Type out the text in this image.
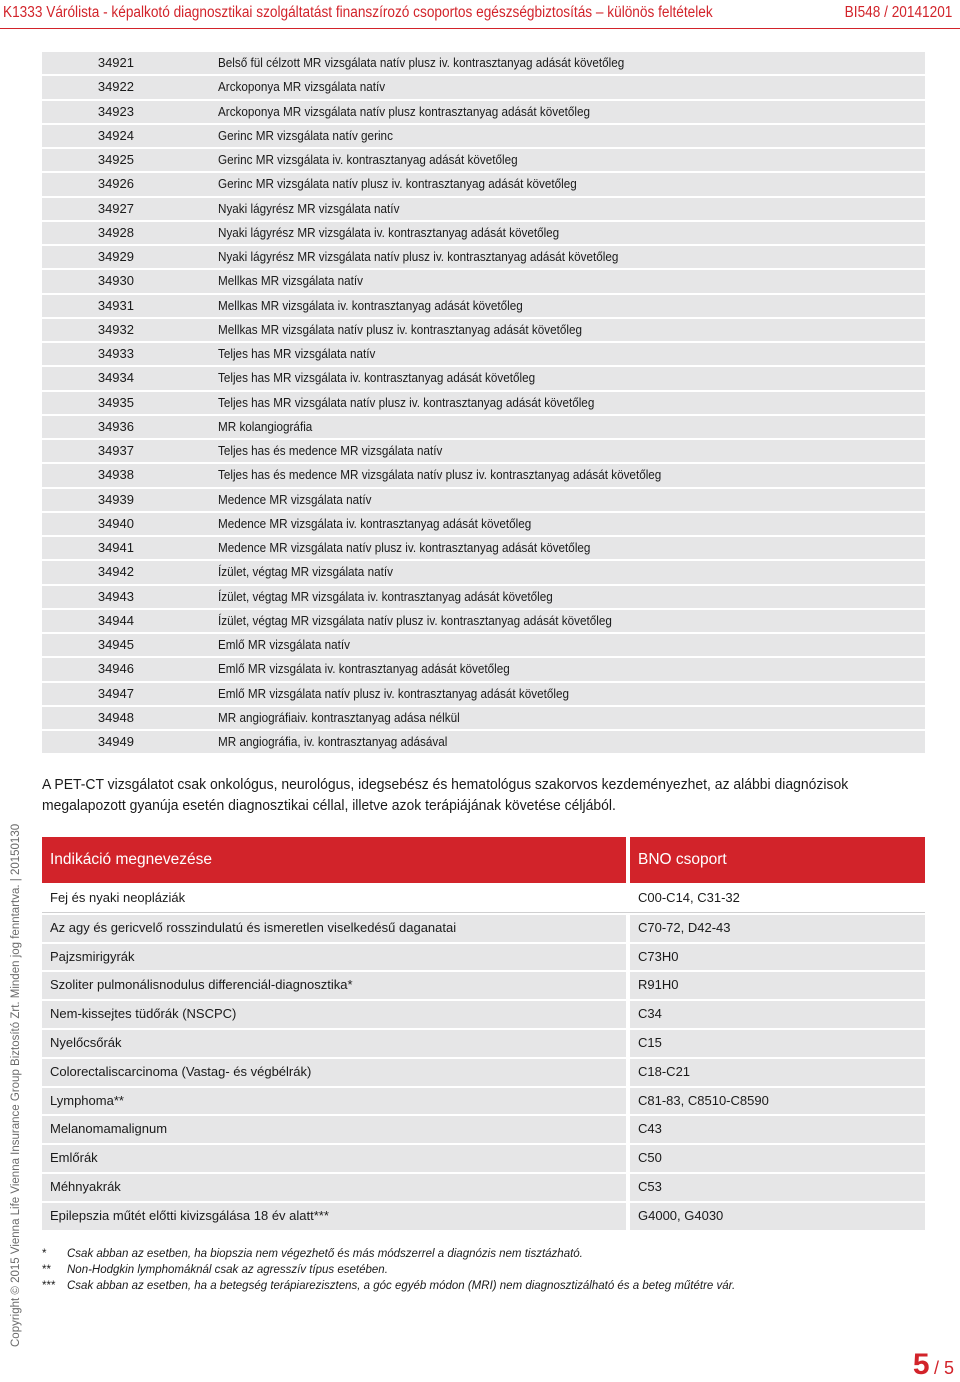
K1333 Várólista - képalkotó diagnosztikai szolgáltatást finanszírozó csoportos egészségbiztosítás – különös feltételek	BI548 / 20141201
34921	Belső fül célzott MR vizsgálata natív plusz iv. kontrasztanyag adását követőleg
34922	Arckoponya MR vizsgálata natív
34923	Arckoponya MR vizsgálata natív plusz kontrasztanyag adását követőleg
34924	Gerinc MR vizsgálata natív gerinc
34925	Gerinc MR vizsgálata iv. kontrasztanyag adását követőleg
34926	Gerinc MR vizsgálata natív plusz iv. kontrasztanyag adását követőleg
34927	Nyaki lágyrész MR vizsgálata natív
34928	Nyaki lágyrész MR vizsgálata iv. kontrasztanyag adását követőleg
34929	Nyaki lágyrész MR vizsgálata natív plusz iv. kontrasztanyag adását követőleg
34930	Mellkas MR vizsgálata natív
34931	Mellkas MR vizsgálata iv. kontrasztanyag adását követőleg
34932	Mellkas MR vizsgálata natív plusz iv. kontrasztanyag adását követőleg
34933	Teljes has MR vizsgálata natív
34934	Teljes has MR vizsgálata iv. kontrasztanyag adását követőleg
34935	Teljes has MR vizsgálata natív plusz iv. kontrasztanyag adását követőleg
34936	MR kolangiográfia
34937	Teljes has és medence MR vizsgálata natív
34938	Teljes has és medence MR vizsgálata natív plusz iv. kontrasztanyag adását követőleg
34939	Medence MR vizsgálata natív
34940	Medence MR vizsgálata iv. kontrasztanyag adását követőleg
34941	Medence MR vizsgálata natív plusz iv. kontrasztanyag adását követőleg
34942	Ízület, végtag MR vizsgálata natív
34943	Ízület, végtag MR vizsgálata iv. kontrasztanyag adását követőleg
34944	Ízület, végtag MR vizsgálata natív plusz iv. kontrasztanyag adását követőleg
34945	Emlő MR vizsgálata natív
34946	Emlő MR vizsgálata iv. kontrasztanyag adását követőleg
34947	Emlő MR vizsgálata natív plusz iv. kontrasztanyag adását követőleg
34948	MR angiográfiaiv. kontrasztanyag adása nélkül
34949	MR angiográfia, iv. kontrasztanyag adásával
A PET-CT vizsgálatot csak onkológus, neurológus, idegsebész és hematológus szakorvos kezdeményezhet, az alábbi diagnózisok megalapozott gyanúja esetén diagnosztikai céllal, illetve azok terápiájának követése céljából.
Indikáció megnevezése	BNO csoport
Fej és nyaki neopláziák	C00-C14, C31-32
Az agy és gericvelő rosszindulatú és ismeretlen viselkedésű daganatai	C70-72, D42-43
Pajzsmirigyrák	C73H0
Szoliter pulmonálisnodulus differenciál-diagnosztika*	R91H0
Nem-kissejtes tüdőrák (NSCPC)	C34
Nyelőcsőrák	C15
Colorectaliscarcinoma (Vastag- és végbélrák)	C18-C21
Lymphoma**	C81-83, C8510-C8590
Melanomamalignum	C43
Emlőrák	C50
Méhnyakrák	C53
Epilepszia műtét előtti kivizsgálása 18 év alatt***	G4000, G4030
* Csak abban az esetben, ha biopszia nem végezhető és más módszerrel a diagnózis nem tisztázható.
** Non-Hodgkin lymphomáknál csak az agresszív típus esetében.
*** Csak abban az esetben, ha a betegség terápiarezisztens, a góc egyéb módon (MRI) nem diagnosztizálható és a beteg műtétre vár.
Copyright © 2015 Vienna Life Vienna Insurance Group Biztosító Zrt. Minden jog fenntartva. | 20150130
5 / 5
